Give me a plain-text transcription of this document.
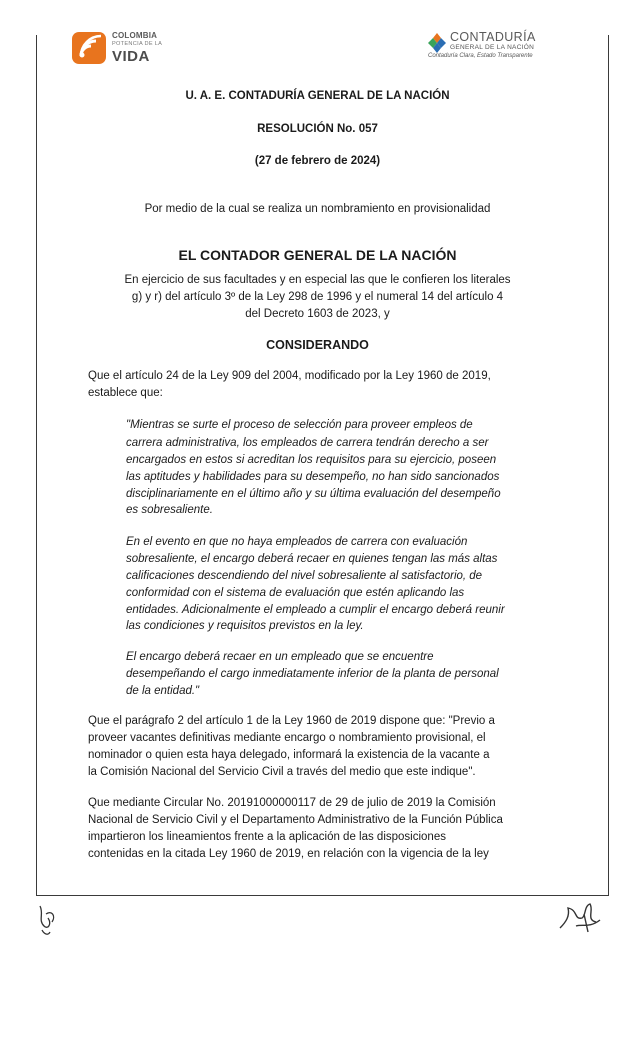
COLOMBIA
POTENCIA DE LA
VIDA
CONTADURÍA
GENERAL DE LA NACIÓN
Contaduría Clara, Estado Transparente
U. A. E. CONTADURÍA GENERAL DE LA NACIÓN
RESOLUCIÓN No. 057
(27 de febrero de 2024)
Por medio de la cual se realiza un nombramiento en provisionalidad
EL CONTADOR GENERAL DE LA NACIÓN
En ejercicio de sus facultades y en especial las que le confieren los literales
g) y r) del artículo 3º de la Ley 298 de 1996 y el numeral 14 del artículo 4
del Decreto 1603 de 2023, y
CONSIDERANDO
Que el artículo 24 de la Ley 909 del 2004, modificado por la Ley 1960 de 2019,
establece que:
"Mientras se surte el proceso de selección para proveer empleos de
carrera administrativa, los empleados de carrera tendrán derecho a ser
encargados en estos si acreditan los requisitos para su ejercicio, poseen
las aptitudes y habilidades para su desempeño, no han sido sancionados
disciplinariamente en el último año y su última evaluación del desempeño
es sobresaliente.
En el evento en que no haya empleados de carrera con evaluación
sobresaliente, el encargo deberá recaer en quienes tengan las más altas
calificaciones descendiendo del nivel sobresaliente al satisfactorio, de
conformidad con el sistema de evaluación que estén aplicando las
entidades. Adicionalmente el empleado a cumplir el encargo deberá reunir
las condiciones y requisitos previstos en la ley.
El encargo deberá recaer en un empleado que se encuentre
desempeñando el cargo inmediatamente inferior de la planta de personal
de la entidad."
Que el parágrafo 2 del artículo 1 de la Ley 1960 de 2019 dispone que: "Previo a
proveer vacantes definitivas mediante encargo o nombramiento provisional, el
nominador o quien esta haya delegado, informará la existencia de la vacante a
la Comisión Nacional del Servicio Civil a través del medio que este indique".
Que mediante Circular No. 20191000000117 de 29 de julio de 2019 la Comisión
Nacional de Servicio Civil y el Departamento Administrativo de la Función Pública
impartieron los lineamientos frente a la aplicación de las disposiciones
contenidas en la citada Ley 1960 de 2019, en relación con la vigencia de la ley
